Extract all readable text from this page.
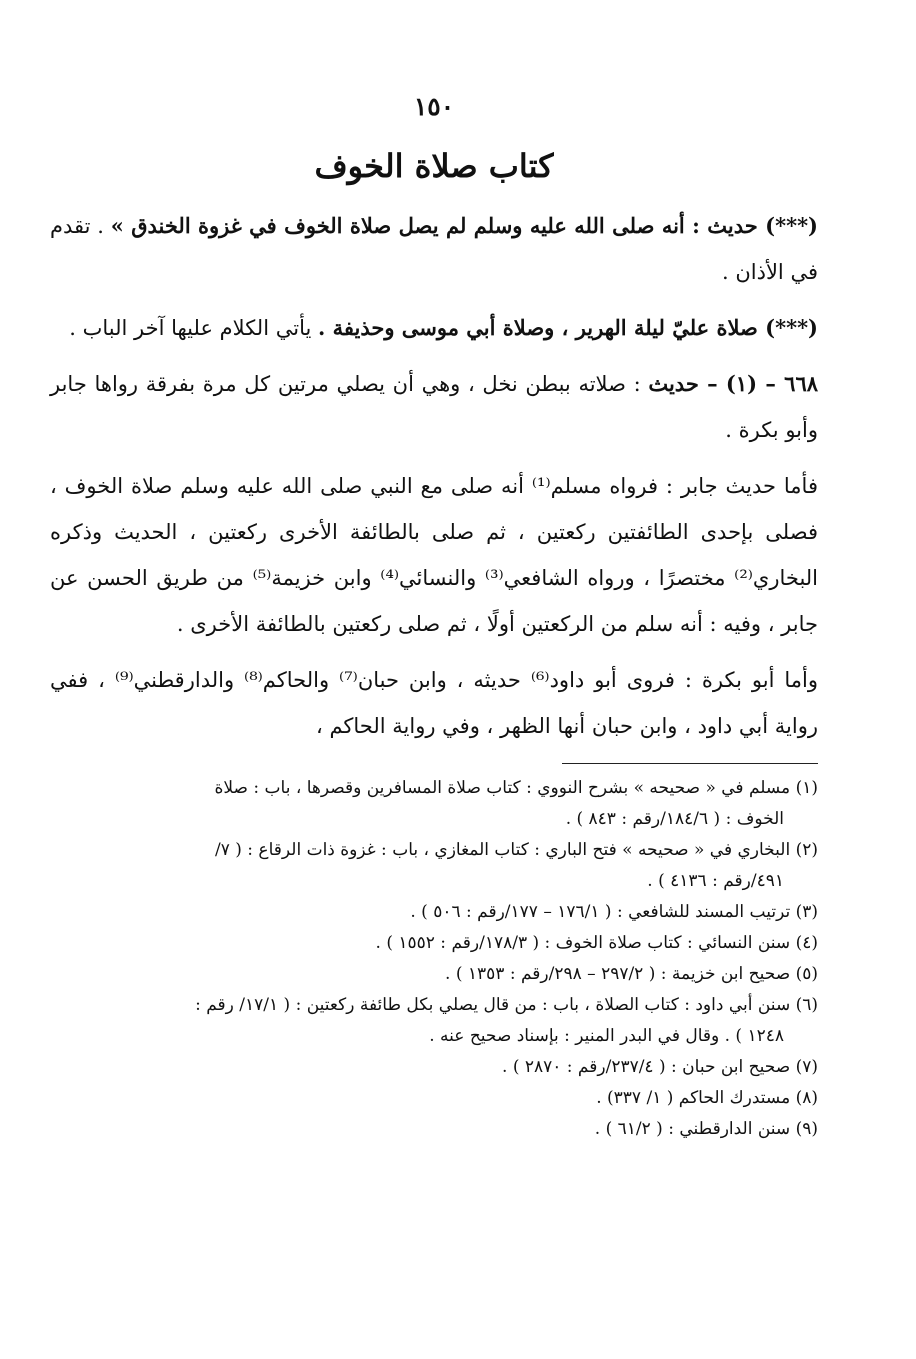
١٥٠
كتاب صلاة الخوف

(***) حديث : أنه صلى الله عليه وسلم لم يصل صلاة الخوف في غزوة الخندق » . تقدم في الأذان .

(***) صلاة عليّ ليلة الهرير ، وصلاة أبي موسى وحذيفة . يأتي الكلام عليها آخر الباب .

٦٦٨ – (١) – حديث : صلاته ببطن نخل ، وهي أن يصلي مرتين كل مرة بفرقة رواها جابر وأبو بكرة .

فأما حديث جابر : فرواه مسلم⁽¹⁾ أنه صلى مع النبي صلى الله عليه وسلم صلاة الخوف ، فصلى بإحدى الطائفتين ركعتين ، ثم صلى بالطائفة الأخرى ركعتين ، الحديث وذكره البخاري⁽²⁾ مختصرًا ، ورواه الشافعي⁽³⁾ والنسائي⁽⁴⁾ وابن خزيمة⁽⁵⁾ من طريق الحسن عن جابر ، وفيه : أنه سلم من الركعتين أولًا ، ثم صلى ركعتين بالطائفة الأخرى .

وأما أبو بكرة : فروى أبو داود⁽⁶⁾ حديثه ، وابن حبان⁽⁷⁾ والحاكم⁽⁸⁾ والدارقطني⁽⁹⁾ ، ففي رواية أبي داود ، وابن حبان أنها الظهر ، وفي رواية الحاكم ،

(١) مسلم في « صحيحه » بشرح النووي : كتاب صلاة المسافرين وقصرها ، باب : صلاة
الخوف : ( ١٨٤/٦/رقم : ٨٤٣ ) .

(٢) البخاري في « صحيحه » فتح الباري : كتاب المغازي ، باب : غزوة ذات الرقاع : ( ٧/
٤٩١/رقم : ٤١٣٦ ) .

(٣) ترتيب المسند للشافعي : ( ١٧٦/١ – ١٧٧/رقم : ٥٠٦ ) .

(٤) سنن النسائي : كتاب صلاة الخوف : ( ١٧٨/٣/رقم : ١٥٥٢ ) .

(٥) صحيح ابن خزيمة : ( ٢٩٧/٢ – ٢٩٨/رقم : ١٣٥٣ ) .

(٦) سنن أبي داود : كتاب الصلاة ، باب : من قال يصلي بكل طائفة ركعتين : ( ١٧/١/ رقم :
١٢٤٨ ) . وقال في البدر المنير : بإسناد صحيح عنه .

(٧) صحيح ابن حبان : ( ٢٣٧/٤/رقم : ٢٨٧٠ ) .

(٨) مستدرك الحاكم ( ١/ ٣٣٧) .

(٩) سنن الدارقطني : ( ٦١/٢ ) .
